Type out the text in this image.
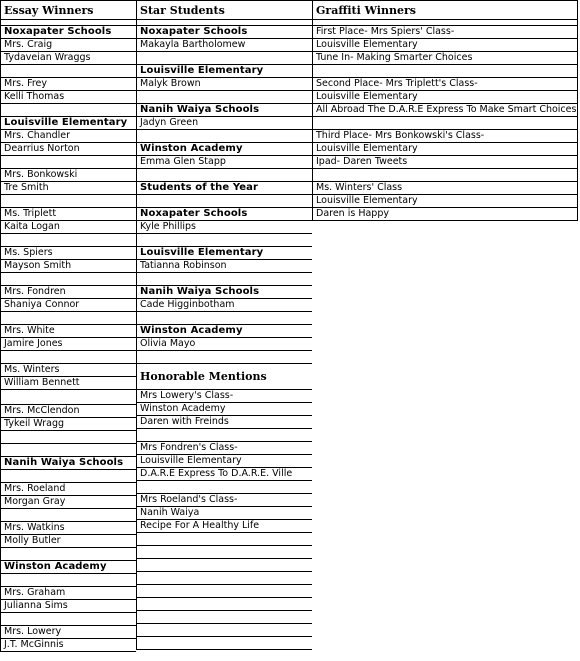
Essay Winners
Noxapater Schools
Mrs. Craig
Tydaveian Wraggs
Mrs. Frey
Kelli Thomas
Louisville Elementary
Mrs. Chandler
Dearrius Norton
Mrs. Bonkowski
Tre Smith
Ms. Triplett
Kaita Logan
Ms. Spiers
Mayson Smith
Mrs. Fondren
Shaniya Connor
Mrs. White
Jamire Jones
Ms. Winters
William Bennett
Mrs. McClendon
Tykeil Wragg
Nanih Waiya Schools
Mrs. Roeland
Morgan Gray
Mrs. Watkins
Molly Butler
Winston Academy
Mrs. Graham
Julianna Sims
Mrs. Lowery
J.T. McGinnis
Star Students
Noxapater Schools
Makayla Bartholomew
Louisville Elementary
Malyk Brown
Nanih Waiya Schools
Jadyn Green
Winston Academy
Emma Glen Stapp
Students of the Year
Noxapater Schools
Kyle Phillips
Louisville Elementary
Tatianna Robinson
Nanih Waiya Schools
Cade Higginbotham
Winston Academy
Olivia Mayo
Honorable Mentions
Mrs Lowery's Class-
Winston Academy
Daren with Freinds
Mrs Fondren's Class-
Louisville Elementary
D.A.R.E Express To D.A.R.E. Ville
Mrs Roeland's Class-
Nanih Waiya
Recipe For A Healthy Life
Graffiti Winners
First Place- Mrs Spiers' Class-
Louisville Elementary
Tune In- Making Smarter Choices
Second Place- Mrs Triplett's Class-
Louisville Elementary
All Abroad The D.A.R.E Express To Make Smart Choices
Third Place- Mrs Bonkowski's Class-
Louisville Elementary
Ipad- Daren Tweets
Ms. Winters' Class
Louisville Elementary
Daren is Happy
